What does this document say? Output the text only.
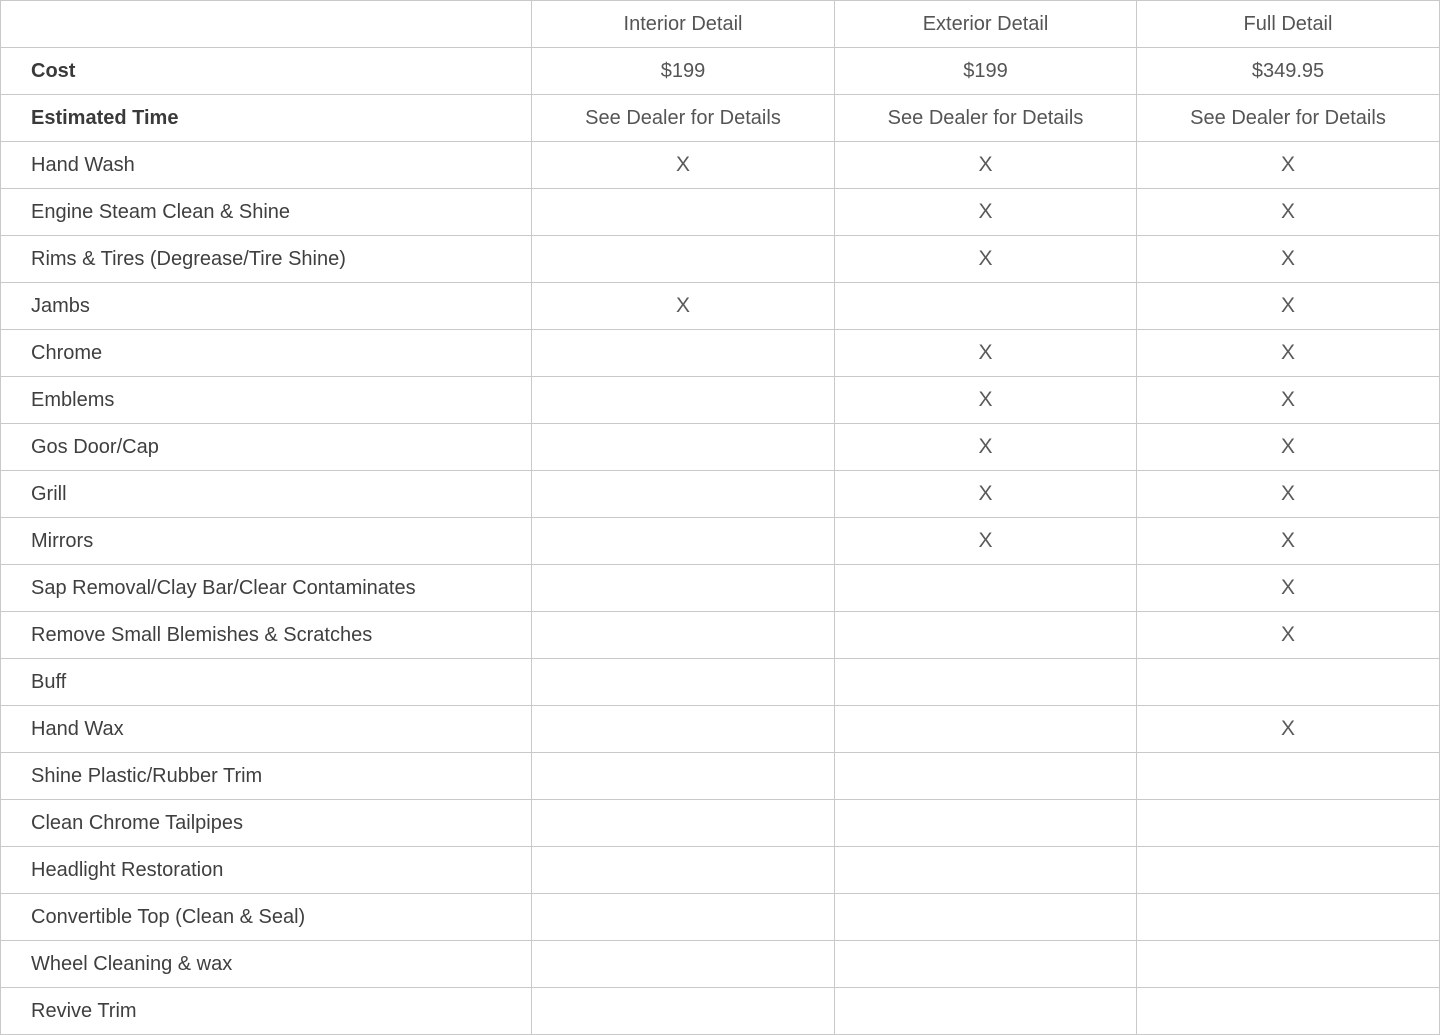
	Interior Detail	Exterior Detail	Full Detail
Cost	$199	$199	$349.95
Estimated Time	See Dealer for Details	See Dealer for Details	See Dealer for Details
Hand Wash	X	X	X
Engine Steam Clean & Shine		X	X
Rims & Tires (Degrease/Tire Shine)		X	X
Jambs	X		X
Chrome		X	X
Emblems		X	X
Gos Door/Cap		X	X
Grill		X	X
Mirrors		X	X
Sap Removal/Clay Bar/Clear Contaminates			X
Remove Small Blemishes & Scratches			X
Buff			
Hand Wax			X
Shine Plastic/Rubber Trim			
Clean Chrome Tailpipes			
Headlight Restoration			
Convertible Top (Clean & Seal)			
Wheel Cleaning & wax			
Revive Trim			
